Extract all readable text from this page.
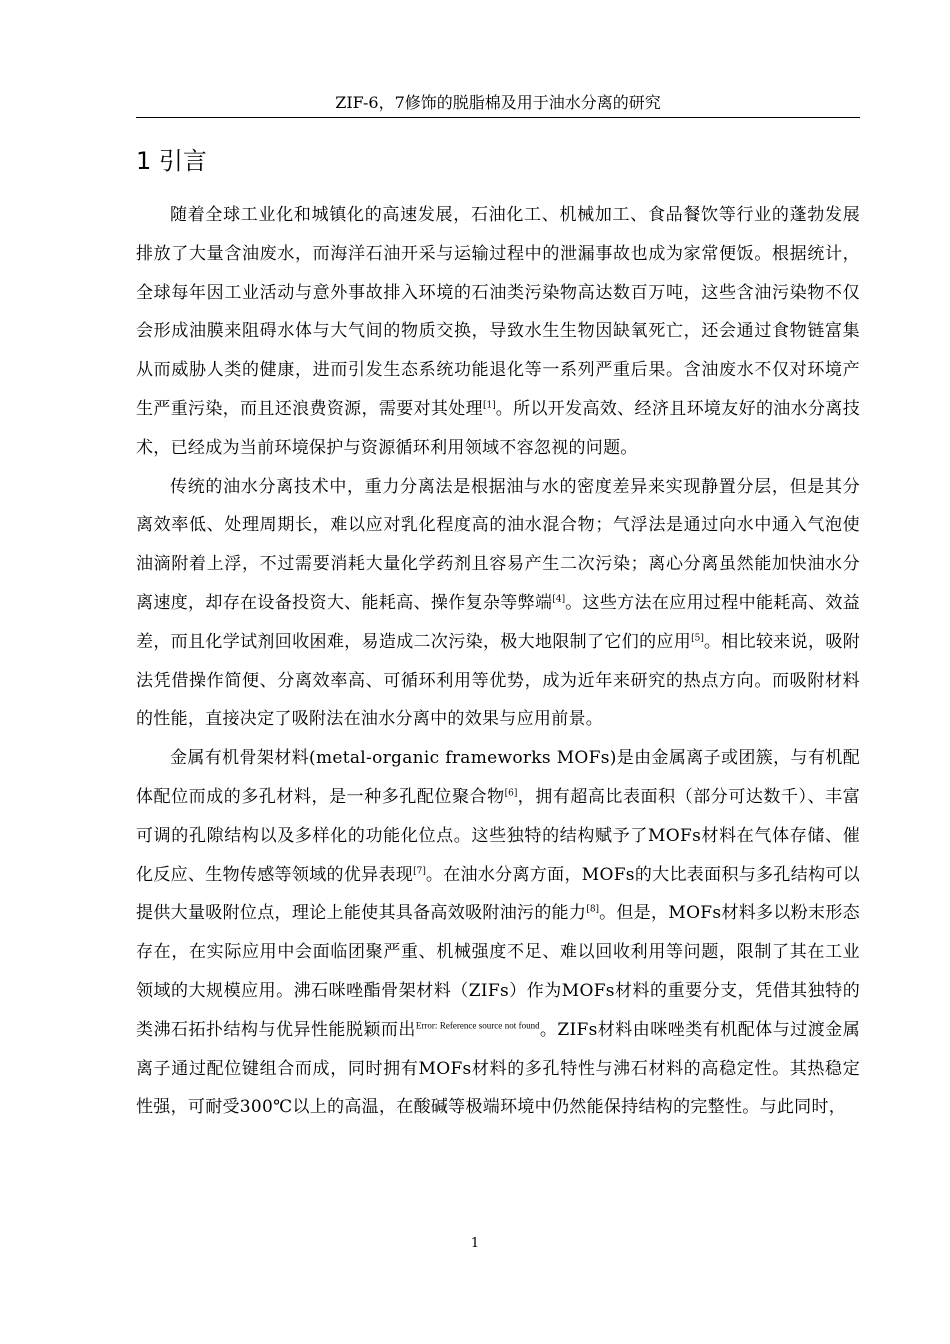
ZIF-6，7修饰的脱脂棉及用于油水分离的研究
1 引言

随着全球工业化和城镇化的高速发展，石油化工、机械加工、食品餐饮等行业的蓬勃发展排放了大量含油废水，而海洋石油开采与运输过程中的泄漏事故也成为家常便饭。根据统计，全球每年因工业活动与意外事故排入环境的石油类污染物高达数百万吨，这些含油污染物不仅会形成油膜来阻碍水体与大气间的物质交换，导致水生生物因缺氧死亡，还会通过食物链富集从而威胁人类的健康，进而引发生态系统功能退化等一系列严重后果。含油废水不仅对环境产生严重污染，而且还浪费资源，需要对其处理[1]。所以开发高效、经济且环境友好的油水分离技术，已经成为当前环境保护与资源循环利用领域不容忽视的问题。

传统的油水分离技术中，重力分离法是根据油与水的密度差异来实现静置分层，但是其分离效率低、处理周期长，难以应对乳化程度高的油水混合物；气浮法是通过向水中通入气泡使油滴附着上浮，不过需要消耗大量化学药剂且容易产生二次污染；离心分离虽然能加快油水分离速度，却存在设备投资大、能耗高、操作复杂等弊端[4]。这些方法在应用过程中能耗高、效益差，而且化学试剂回收困难，易造成二次污染，极大地限制了它们的应用[5]。相比较来说，吸附法凭借操作简便、分离效率高、可循环利用等优势，成为近年来研究的热点方向。而吸附材料的性能，直接决定了吸附法在油水分离中的效果与应用前景。

金属有机骨架材料(metal-organic frameworks MOFs)是由金属离子或团簇，与有机配体配位而成的多孔材料，是一种多孔配位聚合物[6]，拥有超高比表面积（部分可达数千）、丰富可调的孔隙结构以及多样化的功能化位点。这些独特的结构赋予了MOFs材料在气体存储、催化反应、生物传感等领域的优异表现[7]。在油水分离方面，MOFs的大比表面积与多孔结构可以提供大量吸附位点，理论上能使其具备高效吸附油污的能力[8]。但是，MOFs材料多以粉末形态存在，在实际应用中会面临团聚严重、机械强度不足、难以回收利用等问题，限制了其在工业领域的大规模应用。沸石咪唑酯骨架材料（ZIFs）作为MOFs材料的重要分支，凭借其独特的类沸石拓扑结构与优异性能脱颖而出$^{Error: Reference source not found}$。ZIFs材料由咪唑类有机配体与过渡金属离子通过配位键组合而成，同时拥有MOFs材料的多孔特性与沸石材料的高稳定性。其热稳定性强，可耐受300℃以上的高温，在酸碱等极端环境中仍然能保持结构的完整性。与此同时，

1
